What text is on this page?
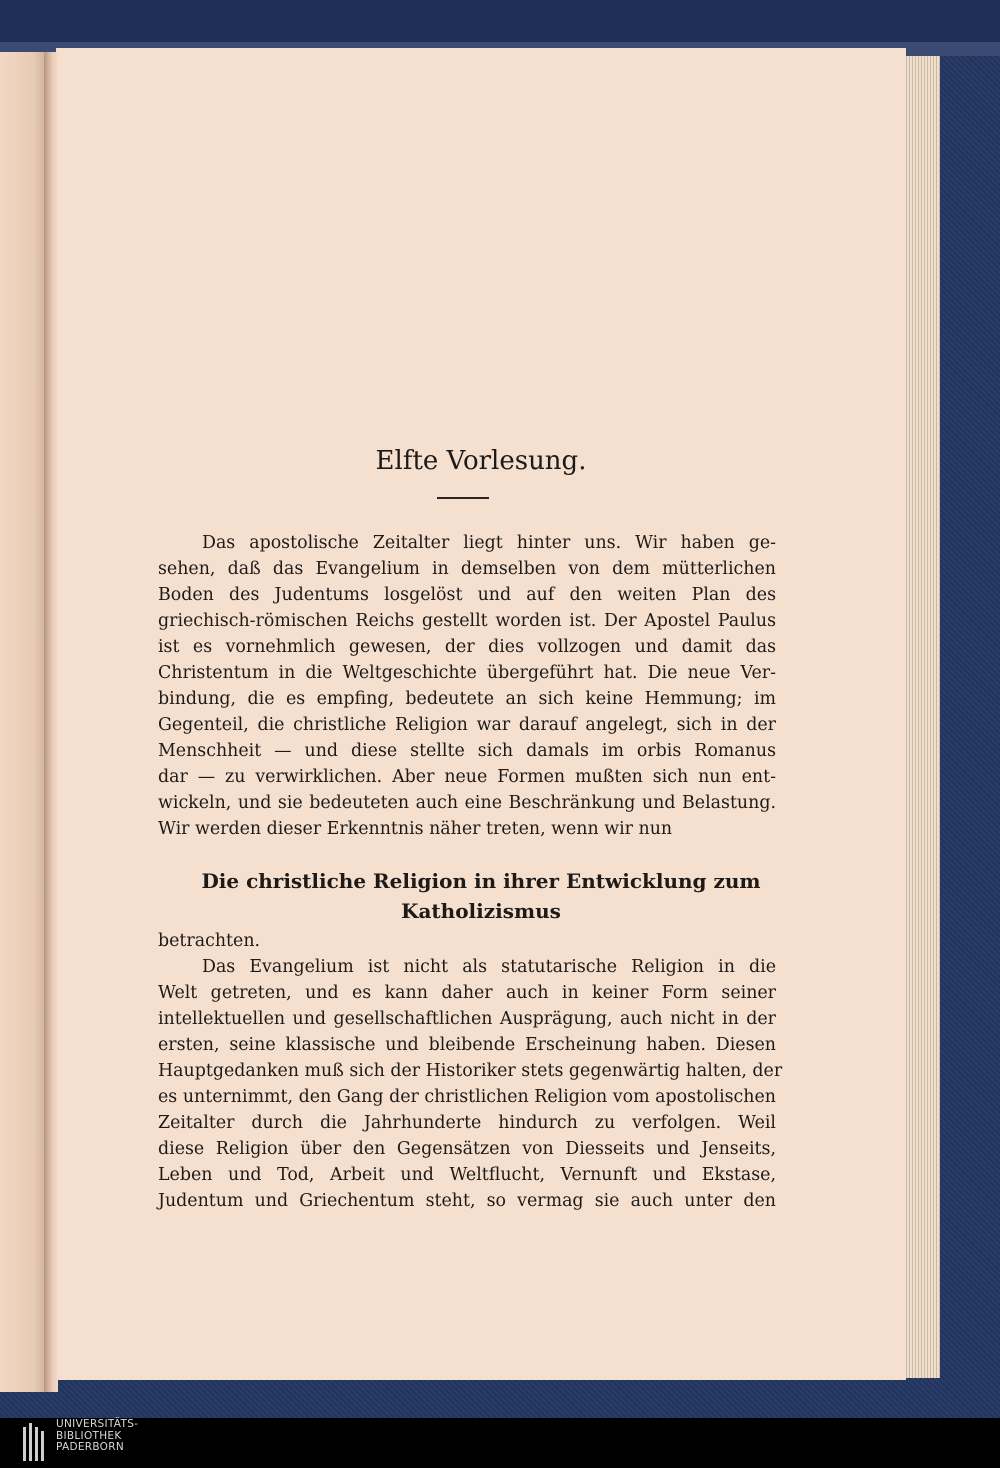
Elfte Vorlesung.
Das apostolische Zeitalter liegt hinter uns. Wir haben ge-
sehen, daß das Evangelium in demselben von dem mütterlichen
Boden des Judentums losgelöst und auf den weiten Plan des
griechisch-römischen Reichs gestellt worden ist. Der Apostel Paulus
ist es vornehmlich gewesen, der dies vollzogen und damit das
Christentum in die Weltgeschichte übergeführt hat. Die neue Ver-
bindung, die es empfing, bedeutete an sich keine Hemmung; im
Gegenteil, die christliche Religion war darauf angelegt, sich in der
Menschheit — und diese stellte sich damals im orbis Romanus
dar — zu verwirklichen. Aber neue Formen mußten sich nun ent-
wickeln, und sie bedeuteten auch eine Beschränkung und Belastung.
Wir werden dieser Erkenntnis näher treten, wenn wir nun
Die christliche Religion in ihrer Entwicklung zum
Katholizismus
betrachten.
Das Evangelium ist nicht als statutarische Religion in die
Welt getreten, und es kann daher auch in keiner Form seiner
intellektuellen und gesellschaftlichen Ausprägung, auch nicht in der
ersten, seine klassische und bleibende Erscheinung haben. Diesen
Hauptgedanken muß sich der Historiker stets gegenwärtig halten, der
es unternimmt, den Gang der christlichen Religion vom apostolischen
Zeitalter durch die Jahrhunderte hindurch zu verfolgen. Weil
diese Religion über den Gegensätzen von Diesseits und Jenseits,
Leben und Tod, Arbeit und Weltflucht, Vernunft und Ekstase,
Judentum und Griechentum steht, so vermag sie auch unter den
UNIVERSITÄTS-
BIBLIOTHEK
PADERBORN
